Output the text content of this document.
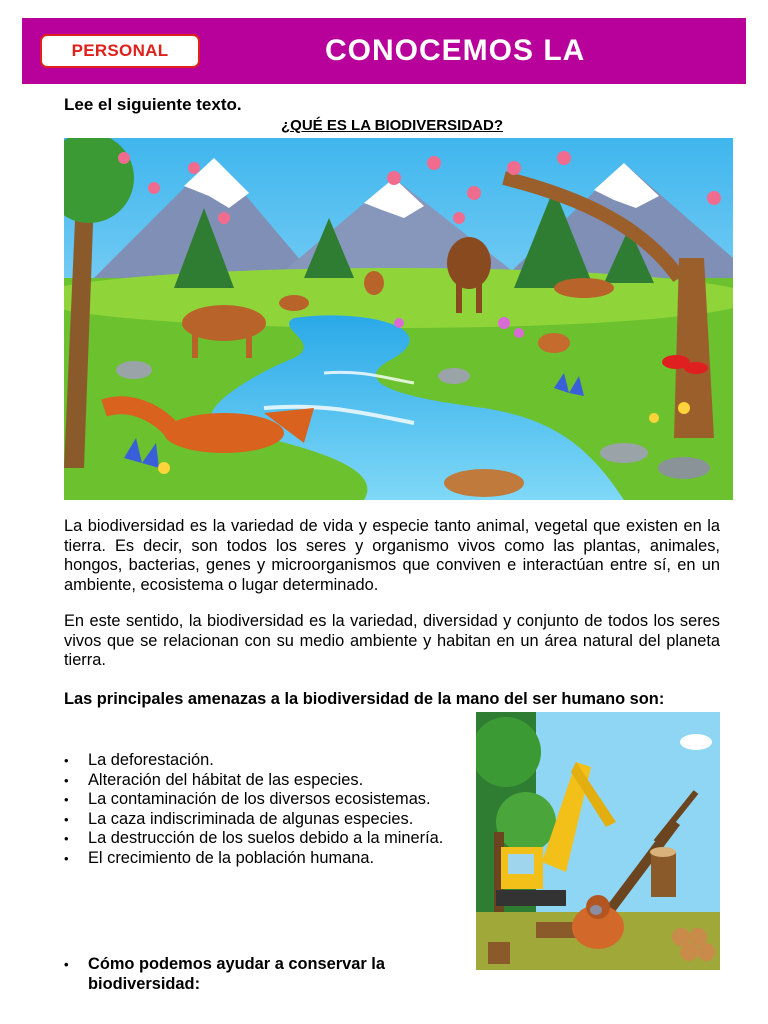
PERSONAL	CONOCEMOS LA
Lee el siguiente texto.
¿QUÉ ES LA BIODIVERSIDAD?

La biodiversidad es la variedad de vida y especie tanto animal, vegetal que existen en la tierra. Es decir, son todos los seres y organismo vivos como las plantas, animales, hongos, bacterias, genes y microorganismos que conviven e interactúan entre sí, en un ambiente, ecosistema o lugar determinado.

En este sentido, la biodiversidad es la variedad, diversidad y conjunto de todos los seres vivos que se relacionan con su medio ambiente y habitan en un área natural del planeta tierra.

Las principales amenazas a la biodiversidad de la mano del ser humano son:
• La deforestación.
• Alteración del hábitat de las especies.
• La contaminación de los diversos ecosistemas.
• La caza indiscriminada de algunas especies.
• La destrucción de los suelos debido a la minería.
• El crecimiento de la población humana.
• Cómo podemos ayudar a conservar la biodiversidad:
